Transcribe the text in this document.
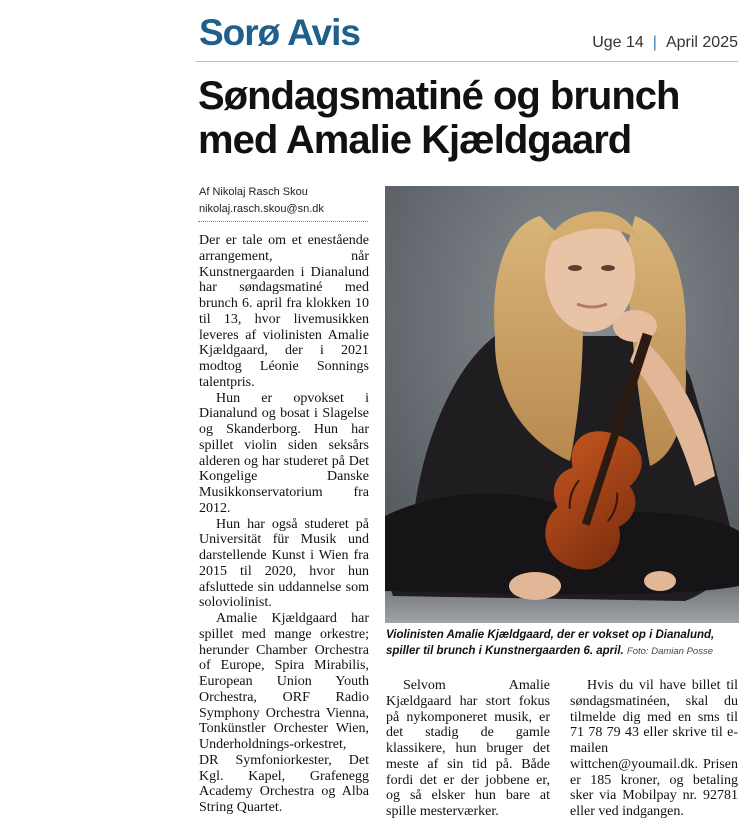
Sorø Avis	Uge 14 | April 2025
Søndagsmatiné og brunch med Amalie Kjældgaard
Af Nikolaj Rasch Skou
nikolaj.rasch.skou@sn.dk

Der er tale om et enestående arrangement, når Kunstnergaarden i Dianalund har søndagsmatiné med brunch 6. april fra klokken 10 til 13, hvor livemusikken leveres af violinisten Amalie Kjældgaard, der i 2021 modtog Léonie Sonnings talentpris.

Hun er opvokset i Dianalund og bosat i Slagelse og Skanderborg. Hun har spillet violin siden seksårs alderen og har studeret på Det Kongelige Danske Musikkonservatorium fra 2012.

Hun har også studeret på Universität für Musik und darstellende Kunst i Wien fra 2015 til 2020, hvor hun afsluttede sin uddannelse som soloviolinist.

Amalie Kjældgaard har spillet med mange orkestre; herunder Chamber Orchestra of Europe, Spira Mirabilis, European Union Youth Orchestra, ORF Radio Symphony Orchestra Vienna, Tonkünstler Orchester Wien, Underholdnings-orkestret, DR Symfoniorkester, Det Kgl. Kapel, Grafenegg Academy Orchestra og Alba String Quartet.

Violinisten Amalie Kjældgaard, der er vokset op i Dianalund, spiller til brunch i Kunstnergaarden 6. april. Foto: Damian Posse

Selvom Amalie Kjældgaard har stort fokus på nykomponeret musik, er det stadig de gamle klassikere, hun bruger det meste af sin tid på. Både fordi det er der jobbene er, og så elsker hun bare at spille mesterværker.

Hvis du vil have billet til søndagsmatinéen, skal du tilmelde dig med en sms til 71 78 79 43 eller skrive til e-mailen wittchen@youmail.dk. Prisen er 185 kroner, og betaling sker via Mobilpay nr. 92781 eller ved indgangen.
